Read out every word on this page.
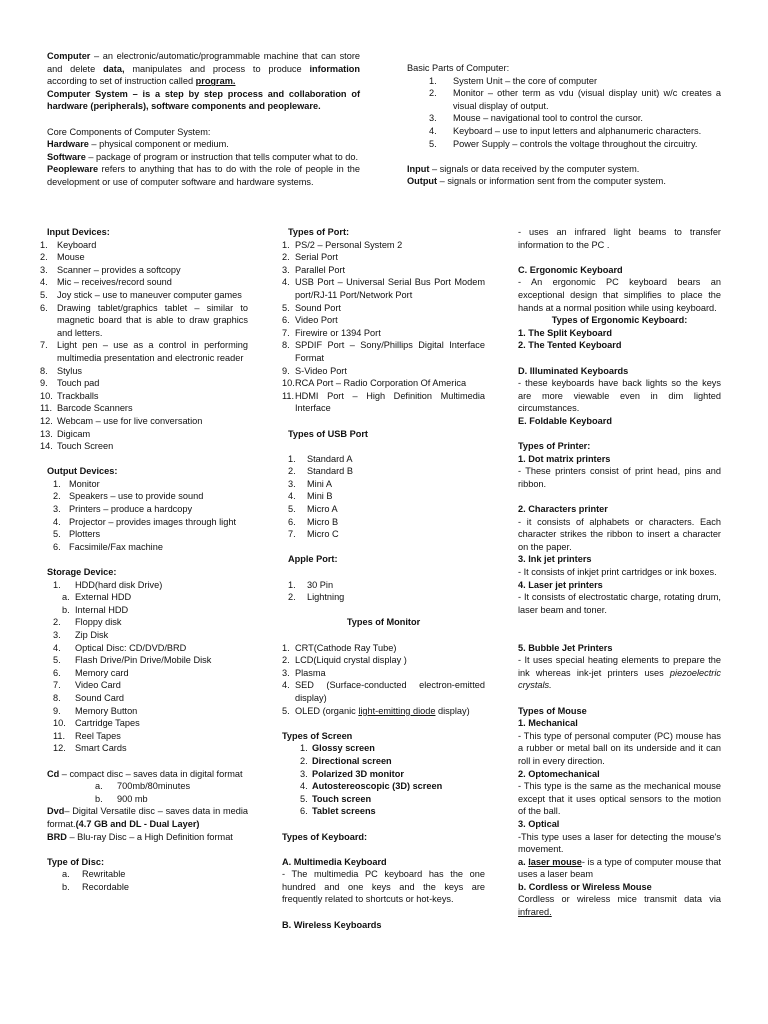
Computer – an electronic/automatic/programmable machine that can store and delete data, manipulates and process to produce information according to set of instruction called program.

Computer System – is a step by step process and collaboration of hardware (peripherals), software components and peopleware.

Core Components of Computer System:

Hardware – physical component or medium.

Software – package of program or instruction that tells computer what to do.

Peopleware refers to anything that has to do with the role of people in the development or use of computer software and hardware systems.

Basic Parts of Computer:

1. System Unit – the core of computer
2. Monitor – other term as vdu (visual display unit) w/c creates a visual display of output.
3. Mouse – navigational tool to control the cursor.
4. Keyboard – use to input letters and alphanumeric characters.
5. Power Supply – controls the voltage throughout the circuitry.

Input – signals or data received by the computer system.

Output – signals or information sent from the computer system.

Input Devices:

1. Keyboard
2. Mouse
3. Scanner – provides a softcopy
4. Mic – receives/record sound
5. Joy stick – use to maneuver computer games
6. Drawing tablet/graphics tablet – similar to magnetic board that is able to draw graphics and letters.
7. Light pen – use as a control in performing multimedia presentation and electronic reader
8. Stylus
9. Touch pad
10. Trackballs
11. Barcode Scanners
12. Webcam – use for live conversation
13. Digicam
14. Touch Screen

Output Devices:

1. Monitor
2. Speakers – use to provide sound
3. Printers – produce a hardcopy
4. Projector – provides images through light
5. Plotters
6. Facsimile/Fax machine

Storage Device:

1. HDD(hard disk Drive)
a. External HDD
b. Internal HDD
2. Floppy disk
3. Zip Disk
4. Optical Disc: CD/DVD/BRD
5. Flash Drive/Pin Drive/Mobile Disk
6. Memory card
7. Video Card
8. Sound Card
9. Memory Button
10. Cartridge Tapes
11. Reel Tapes
12. Smart Cards

Cd – compact disc – saves data in digital format

a. 700mb/80minutes
b. 900 mb

Dvd– Digital Versatile disc – saves data in media format.(4.7 GB and DL - Dual Layer)

BRD – Blu-ray Disc – a High Definition format

Type of Disc:

a. Rewritable
b. Recordable

Types of Port:

1. PS/2 – Personal System 2
2. Serial Port
3. Parallel Port
4. USB Port – Universal Serial Bus Port Modem port/RJ-11 Port/Network Port
5. Sound Port
6. Video Port
7. Firewire or 1394 Port
8. SPDIF Port – Sony/Phillips Digital Interface Format
9. S-Video Port
10. RCA Port – Radio Corporation Of America
11. HDMI Port – High Definition Multimedia Interface

Types of USB Port

1. Standard A
2. Standard B
3. Mini A
4. Mini B
5. Micro A
6. Micro B
7. Micro C

Apple Port:

1. 30 Pin
2. Lightning

Types of Monitor

1. CRT(Cathode Ray Tube)
2. LCD(Liquid crystal display )
3. Plasma
4. SED (Surface-conducted electron-emitted display)
5. OLED (organic light-emitting diode display)

Types of Screen

1. Glossy screen
2. Directional screen
3. Polarized 3D monitor
4. Autostereoscopic (3D) screen
5. Touch screen
6. Tablet screens

Types of Keyboard:

A. Multimedia Keyboard

- The multimedia PC keyboard has the one hundred and one keys and the keys are frequently related to shortcuts or hot-keys.

B. Wireless Keyboards

- uses an infrared light beams to transfer information to the PC .

C. Ergonomic Keyboard

- An ergonomic PC keyboard bears an exceptional design that simplifies to place the hands at a normal position while using keyboard.

Types of Ergonomic Keyboard:

1. The Split Keyboard

2. The Tented Keyboard

D. Illuminated Keyboards

- these keyboards have back lights so the keys are more viewable even in dim lighted circumstances.

E. Foldable Keyboard

Types of Printer:

1. Dot matrix printers

- These printers consist of print head, pins and ribbon.

2. Characters printer

- it consists of alphabets or characters. Each character strikes the ribbon to insert a character on the paper.

3. Ink jet printers

- It consists of inkjet print cartridges or ink boxes.

4. Laser jet printers

- It consists of electrostatic charge, rotating drum, laser beam and toner.

5. Bubble Jet Printers

- It uses special heating elements to prepare the ink whereas ink-jet printers uses piezoelectric crystals.

Types of Mouse

1. Mechanical

- This type of personal computer (PC) mouse has a rubber or metal ball on its underside and it can roll in every direction.

2. Optomechanical

- This type is the same as the mechanical mouse except that it uses optical sensors to the motion of the ball.

3. Optical

-This type uses a laser for detecting the mouse's movement.

a. laser mouse- is a type of computer mouse that uses a laser beam

b. Cordless or Wireless Mouse

Cordless or wireless mice transmit data via infrared.
